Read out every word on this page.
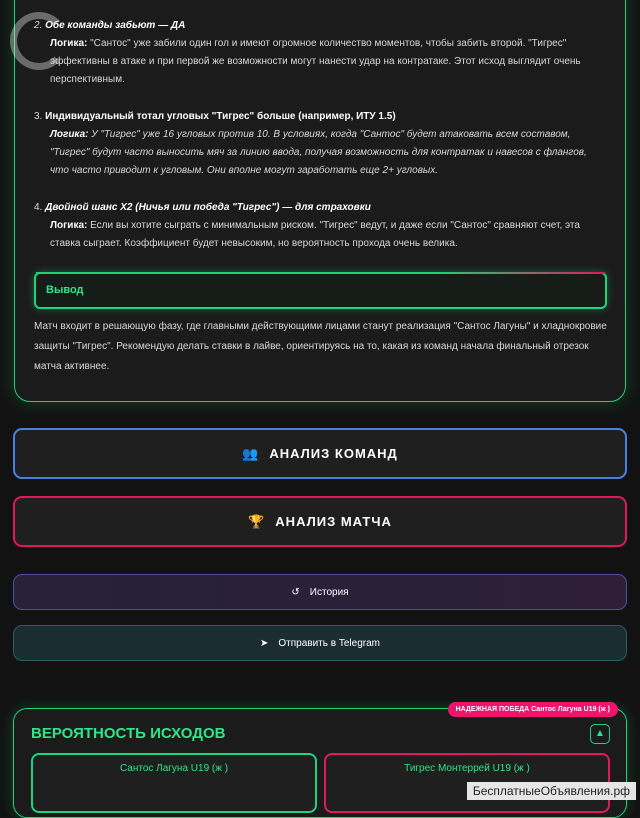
2. Обе команды забьют — ДА
Логика: "Сантос" уже забили один гол и имеют огромное количество моментов, чтобы забить второй. "Тигрес" эффективны в атаке и при первой же возможности могут нанести удар на контратаке. Этот исход выглядит очень перспективным.
3. Индивидуальный тотал угловых "Тигрес" больше (например, ИТУ 1.5)
Логика: У "Тигрес" уже 16 угловых против 10. В условиях, когда "Сантос" будет атаковать всем составом, "Тигрес" будут часто выносить мяч за линию ввода, получая возможность для контратак и навесов с флангов, что часто приводит к угловым. Они вполне могут заработать еще 2+ угловых.
4. Двойной шанс X2 (Ничья или победа "Тигрес") — для страховки
Логика: Если вы хотите сыграть с минимальным риском. "Тигрес" ведут, и даже если "Сантос" сравняют счет, эта ставка сыграет. Коэффициент будет невысоким, но вероятность прохода очень велика.
Вывод
Матч входит в решающую фазу, где главными действующими лицами станут реализация "Сантос Лагуны" и хладнокровие защиты "Тигрес". Рекомендую делать ставки в лайве, ориентируясь на то, какая из команд начала финальный отрезок матча активнее.
👥 АНАЛИЗ КОМАНД
🏆 АНАЛИЗ МАТЧА
↺ История
➤ Отправить в Telegram
НАДЕЖНАЯ ПОБЕДА Сантос Лагуна U19 (ж )
ВЕРОЯТНОСТЬ ИСХОДОВ	▲
Сантос Лагуна U19 (ж )	Тигрес Монтеррей U19 (ж )
БесплатныеОбъявления.рф
